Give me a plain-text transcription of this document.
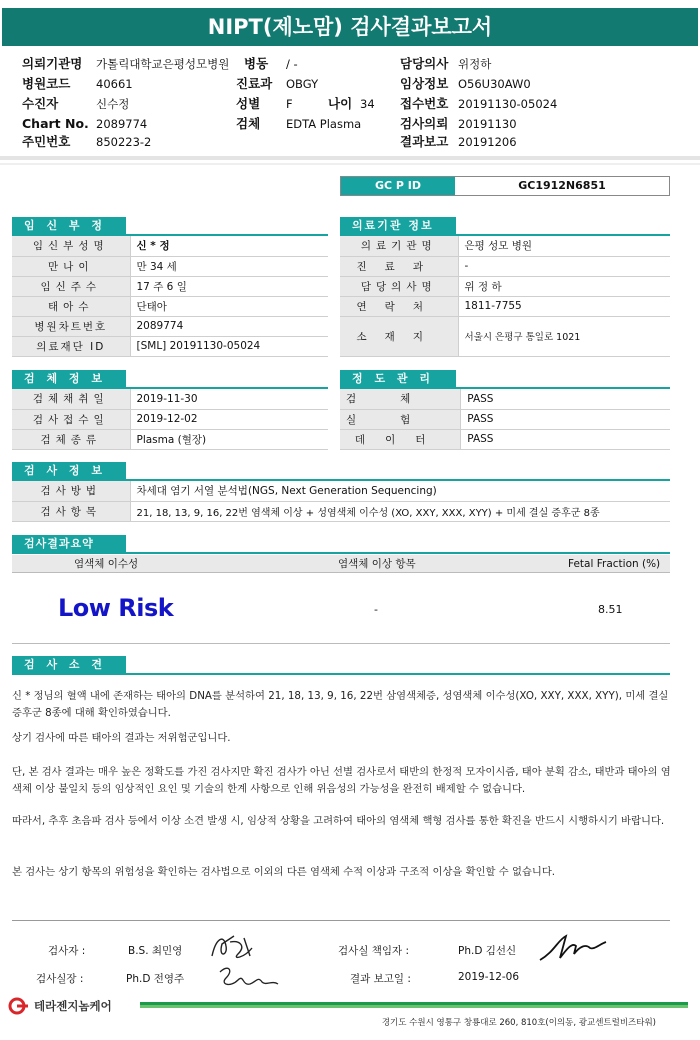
NIPT(제노맘) 검사결과보고서
의뢰기관명 가톨릭대학교은평성모병원 병동 / -	담당의사 위정하
병원코드 40661	진료과 OBGY	임상정보 O56U30AW0
수진자	신수정	성별 F	나이 34 접수번호 20191130-05024
Chart No. 2089774	검체 EDTA Plasma	검사의뢰 20191130
주민번호 850223-2	결과보고 20191206
GC P ID	GC1912N6851
임 신 부 정
임신부성명	신 * 정
만나이	만 34 세
임신주수	17 주 6 일
태아수	단태아
병원차트번호	2089774
의료재단 ID	[SML] 20191130-05024
의료기관 정보
의료기관명	은평 성모 병원
진료과	-
담당의사명	위 정 하
연락처	1811-7755
소재지	서울시 은평구 통일로 1021
검 체 정 보
검체채취일	2019-11-30
검사접수일	2019-12-02
검체종류	Plasma (혈장)
정 도 관 리
검체	PASS
실험	PASS
데이터	PASS
검 사 정 보
검사방법	차세대 염기 서열 분석법(NGS, Next Generation Sequencing)
검사항목	21, 18, 13, 9, 16, 22번 염색체 이상 + 성염색체 이수성 (XO, XXY, XXX, XYY) + 미세 결실 증후군 8종
검사결과요약
염색체 이수성	염색체 이상 항목	Fetal Fraction (%)
Low Risk	-	8.51
검 사 소 견
신 * 정님의 혈액 내에 존재하는 태아의 DNA를 분석하여 21, 18, 13, 9, 16, 22번 삼염색체증, 성염색체 이수성(XO, XXY, XXX, XYY), 미세 결실 증후군 8종에 대해 확인하였습니다.
상기 검사에 따른 태아의 결과는 저위험군입니다.
단, 본 검사 결과는 매우 높은 정확도를 가진 검사지만 확진 검사가 아닌 선별 검사로서 태반의 한정적 모자이시즘, 태아 분획 감소, 태반과 태아의 염색체 이상 불일치 등의 임상적인 요인 및 기술의 한계 사항으로 인해 위음성의 가능성을 완전히 배제할 수 없습니다.
따라서, 추후 초음파 검사 등에서 이상 소견 발생 시, 임상적 상황을 고려하여 태아의 염색체 핵형 검사를 통한 확진을 반드시 시행하시기 바랍니다.
본 검사는 상기 항목의 위험성을 확인하는 검사법으로 이외의 다른 염색체 수적 이상과 구조적 이상을 확인할 수 없습니다.
검사자 :	B.S. 최민영	검사실 책임자 :	Ph.D 김선신
검사실장 :	Ph.D 전영주	결과 보고일 :	2019-12-06
테라젠지놈케어
경기도 수원시 영통구 창룡대로 260, 810호(이의동, 광교센트럴비즈타워)
